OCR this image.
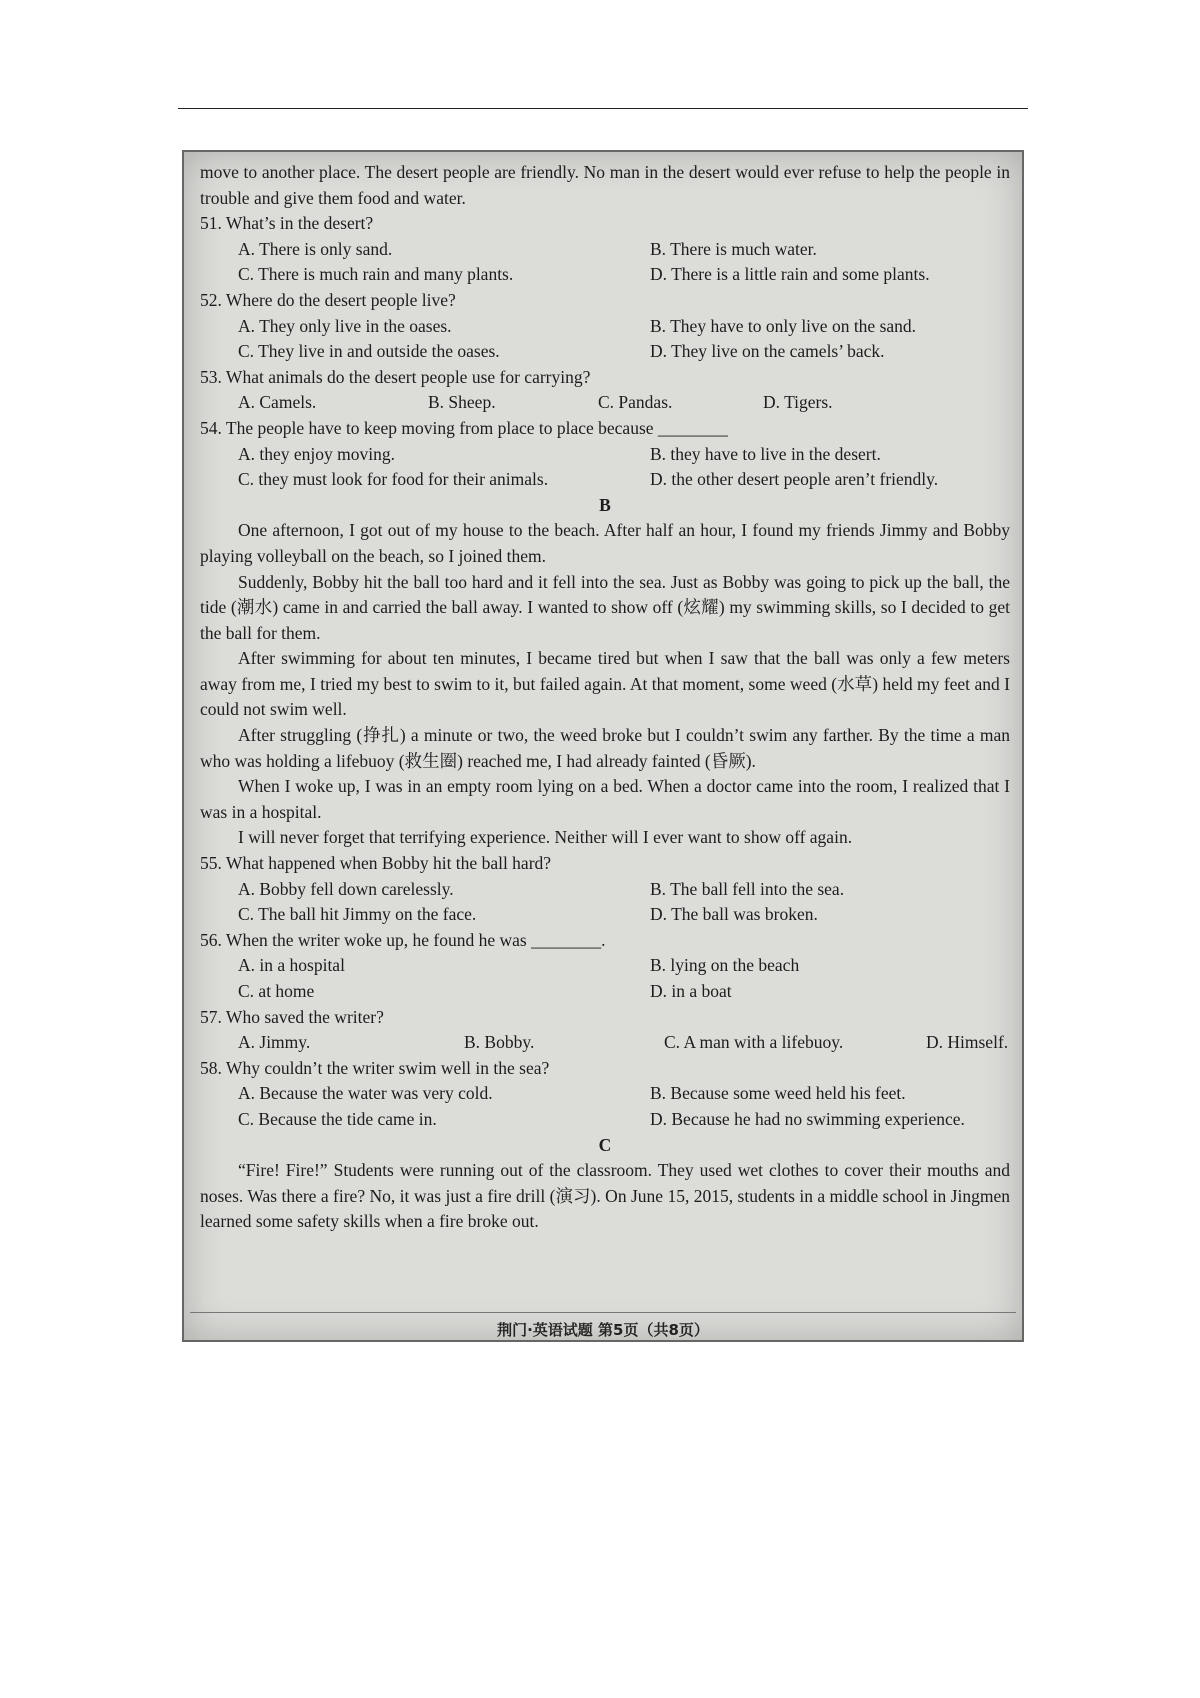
move to another place. The desert people are friendly. No man in the desert would ever refuse to help the people in trouble and give them food and water.

51. What’s in the desert?

A. There is only sand.	B. There is much water.
C. There is much rain and many plants.	D. There is a little rain and some plants.

52. Where do the desert people live?

A. They only live in the oases.	B. They have to only live on the sand.
C. They live in and outside the oases.	D. They live on the camels’ back.

53. What animals do the desert people use for carrying?

A. Camels.	B. Sheep.	C. Pandas.	D. Tigers.

54. The people have to keep moving from place to place because ________

A. they enjoy moving.	B. they have to live in the desert.
C. they must look for food for their animals.	D. the other desert people aren’t friendly.

B

One afternoon, I got out of my house to the beach. After half an hour, I found my friends Jimmy and Bobby playing volleyball on the beach, so I joined them.

Suddenly, Bobby hit the ball too hard and it fell into the sea. Just as Bobby was going to pick up the ball, the tide (潮水) came in and carried the ball away. I wanted to show off (炫耀) my swimming skills, so I decided to get the ball for them.

After swimming for about ten minutes, I became tired but when I saw that the ball was only a few meters away from me, I tried my best to swim to it, but failed again. At that moment, some weed (水草) held my feet and I could not swim well.

After struggling (挣扎) a minute or two, the weed broke but I couldn’t swim any farther. By the time a man who was holding a lifebuoy (救生圈) reached me, I had already fainted (昏厥).

When I woke up, I was in an empty room lying on a bed. When a doctor came into the room, I realized that I was in a hospital.

I will never forget that terrifying experience. Neither will I ever want to show off again.

55. What happened when Bobby hit the ball hard?

A. Bobby fell down carelessly.	B. The ball fell into the sea.
C. The ball hit Jimmy on the face.	D. The ball was broken.

56. When the writer woke up, he found he was ________.

A. in a hospital	B. lying on the beach
C. at home	D. in a boat

57. Who saved the writer?

A. Jimmy.	B. Bobby.	C. A man with a lifebuoy.	D. Himself.

58. Why couldn’t the writer swim well in the sea?

A. Because the water was very cold.	B. Because some weed held his feet.
C. Because the tide came in.	D. Because he had no swimming experience.

C

“Fire! Fire!” Students were running out of the classroom. They used wet clothes to cover their mouths and noses. Was there a fire? No, it was just a fire drill (演习). On June 15, 2015, students in a middle school in Jingmen learned some safety skills when a fire broke out.

荆门·英语试题 第5页（共8页）
